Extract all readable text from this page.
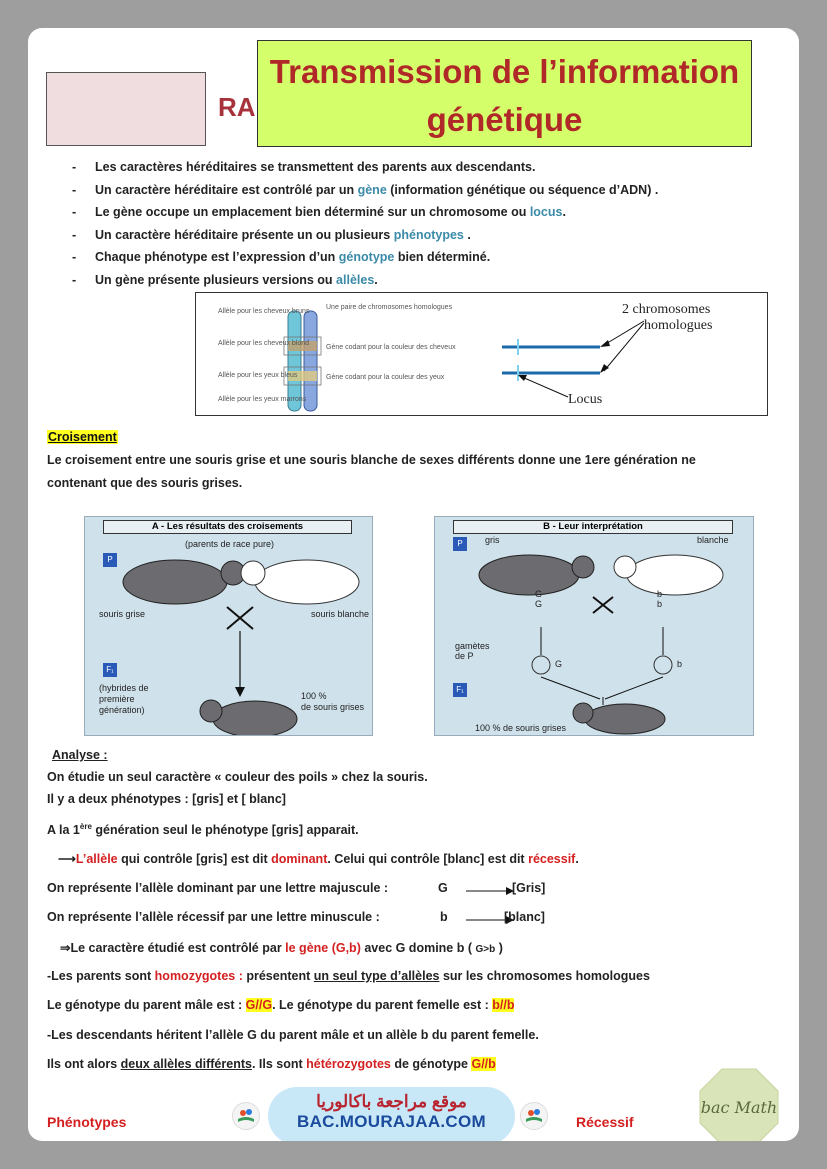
RA
Transmission de l’information
génétique
- Les caractères héréditaires se transmettent des parents aux descendants.
- Un caractère héréditaire est contrôlé par un gène (information génétique ou séquence d’ADN) .
- Le gène occupe un emplacement bien déterminé sur un chromosome ou locus.
- Un caractère héréditaire présente un ou plusieurs phénotypes .
- Chaque phénotype est l’expression d’un génotype bien déterminé.
- Un gène présente plusieurs versions ou allèles.
Allèle pour les cheveux bruns
Allèle pour les cheveux blond
Allèle pour les yeux bleus
Allèle pour les yeux marrons
Une paire de chromosomes homologues
Gène codant pour la couleur des cheveux
Gène codant pour la couleur des yeux
2 chromosomes
homologues
Locus
Croisement
Le croisement entre une souris grise et une souris blanche de sexes différents donne une 1ere génération ne
contenant que des souris grises.
A - Les résultats des croisements
(parents de race pure)
P
souris grise	souris blanche
F₁
(hybrides de
première
génération)
100 %
de souris grises
B - Leur interprétation
P	gris	blanche
G
G
b
b
gamètes
de P
G	b
F₁
100 % de souris grises
Analyse :
On étudie un seul caractère « couleur des poils » chez la souris.
Il y a deux phénotypes : [gris] et [ blanc]
A la 1ère génération seul le phénotype [gris] apparait.
⟶L’allèle qui contrôle [gris] est dit dominant. Celui qui contrôle [blanc] est dit récessif.
On représente l’allèle dominant par une lettre majuscule :	G	[Gris]
On représente l’allèle récessif par une lettre minuscule :	b	[blanc]
⇒Le caractère étudié est contrôlé par le gène (G,b) avec G domine b ( G>b )
-Les parents sont homozygotes : présentent un seul type d’allèles sur les chromosomes homologues
Le génotype du parent mâle est : G//G. Le génotype du parent femelle est : b//b
-Les descendants héritent l’allèle G du parent mâle et un allèle b du parent femelle.
Ils ont alors deux allèles différents. Ils sont hétérozygotes de génotype G//b
Phénotypes	Récessif
موقع مراجعة باكالوريا
BAC.MOURAJAA.COM
bac Math
